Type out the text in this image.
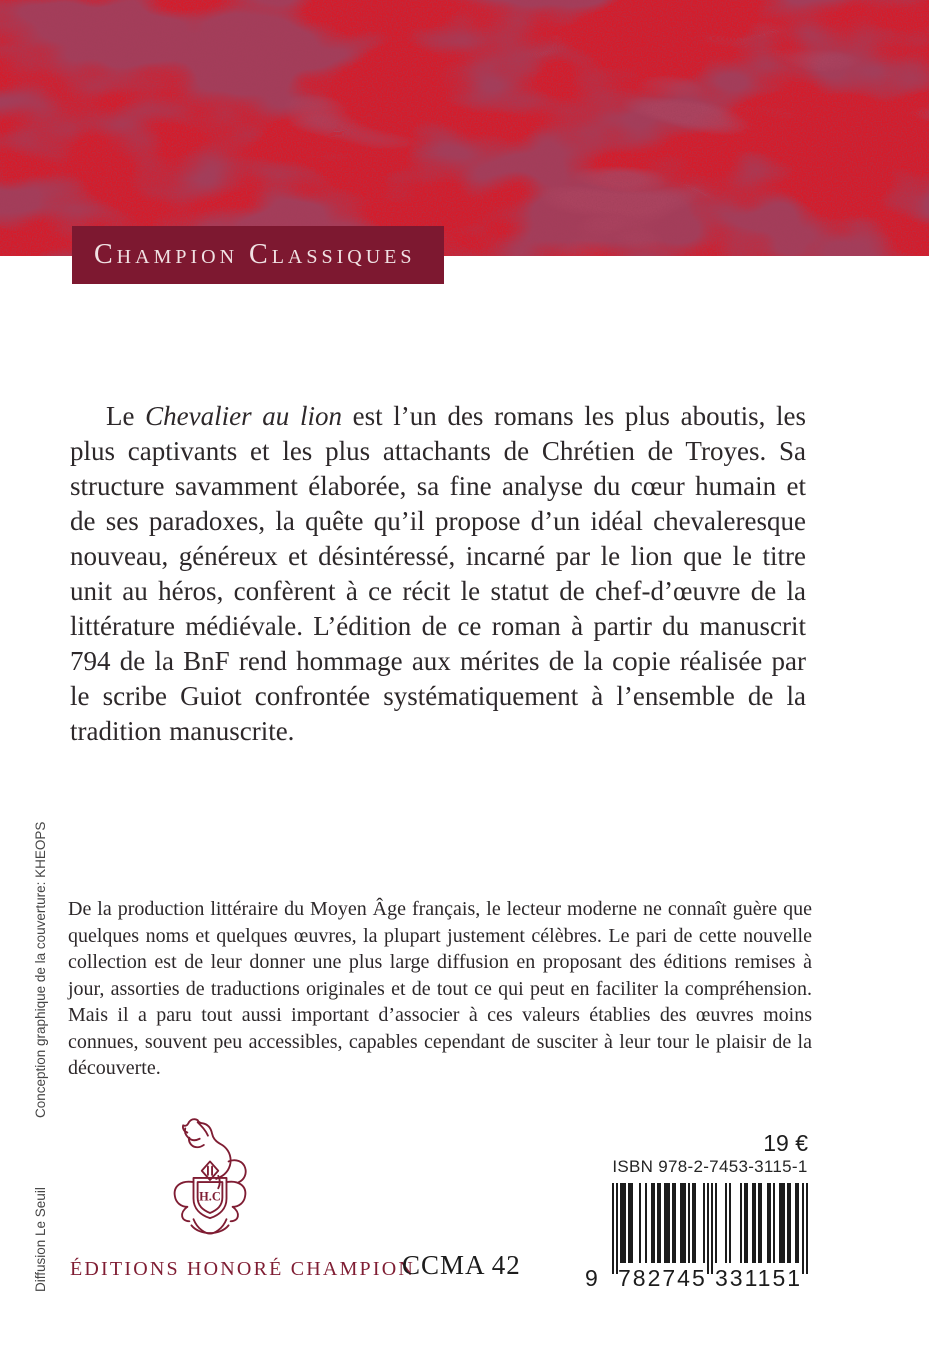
Champion Classiques

Le Chevalier au lion est l’un des romans les plus aboutis, les plus captivants et les plus attachants de Chrétien de Troyes. Sa structure savamment élaborée, sa fine analyse du cœur humain et de ses paradoxes, la quête qu’il propose d’un idéal chevaleresque nouveau, généreux et désintéressé, incarné par le lion que le titre unit au héros, confèrent à ce récit le statut de chef-d’œuvre de la littérature médiévale. L’édition de ce roman à partir du manuscrit 794 de la BnF rend hommage aux mérites de la copie réalisée par le scribe Guiot confrontée systématiquement à l’ensemble de la tradition manuscrite.

De la production littéraire du Moyen Âge français, le lecteur moderne ne connaît guère que quelques noms et quelques œuvres, la plupart justement célèbres. Le pari de cette nouvelle collection est de leur donner une plus large diffusion en proposant des éditions remises à jour, assorties de traductions originales et de tout ce qui peut en faciliter la compréhension. Mais il a paru tout aussi important d’associer à ces valeurs établies des œuvres moins connues, souvent peu accessibles, capables cependant de susciter à leur tour le plaisir de la découverte.

Conception graphique de la couverture: KHEOPS
Diffusion Le Seuil	H.C
ÉDITIONS HONORÉ CHAMPION
CCMA 42
19 €
ISBN 978-2-7453-3115-1
9 782745 331151
